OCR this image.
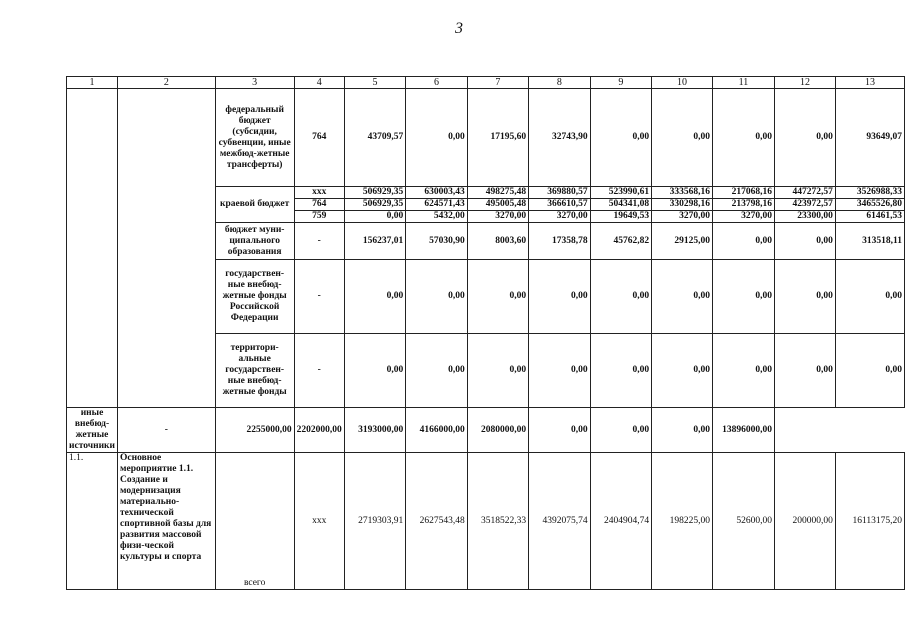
3
1	2	3	4	5	6	7	8	9	10	11	12	13
		федеральный бюджет (субсидии, субвенции, иные межбюд-жетные трансферты)	764	43709,57	0,00	17195,60	32743,90	0,00	0,00	0,00	0,00	93649,07
		краевой бюджет	xxx	506929,35	630003,43	498275,48	369880,57	523990,61	333568,16	217068,16	447272,57	3526988,33
			764	506929,35	624571,43	495005,48	366610,57	504341,08	330298,16	213798,16	423972,57	3465526,80
			759	0,00	5432,00	3270,00	3270,00	19649,53	3270,00	3270,00	23300,00	61461,53
		бюджет муни-ципального образования	-	156237,01	57030,90	8003,60	17358,78	45762,82	29125,00	0,00	0,00	313518,11
		государствен-ные внебюд-жетные фонды Российской Федерации	-	0,00	0,00	0,00	0,00	0,00	0,00	0,00	0,00	0,00
		территори-альные государствен-ные внебюд-жетные фонды	-	0,00	0,00	0,00	0,00	0,00	0,00	0,00	0,00	0,00
иные внебюд-жетные источники	-	2255000,00	2202000,00	3193000,00	4166000,00	2080000,00	0,00	0,00	0,00	13896000,00		
1.1.	Основное мероприятие 1.1. Создание и модернизация материально-технической спортивной базы для развития массовой физи-ческой культуры и спорта	всего	xxx	2719303,91	2627543,48	3518522,33	4392075,74	2404904,74	198225,00	52600,00	200000,00	16113175,20
